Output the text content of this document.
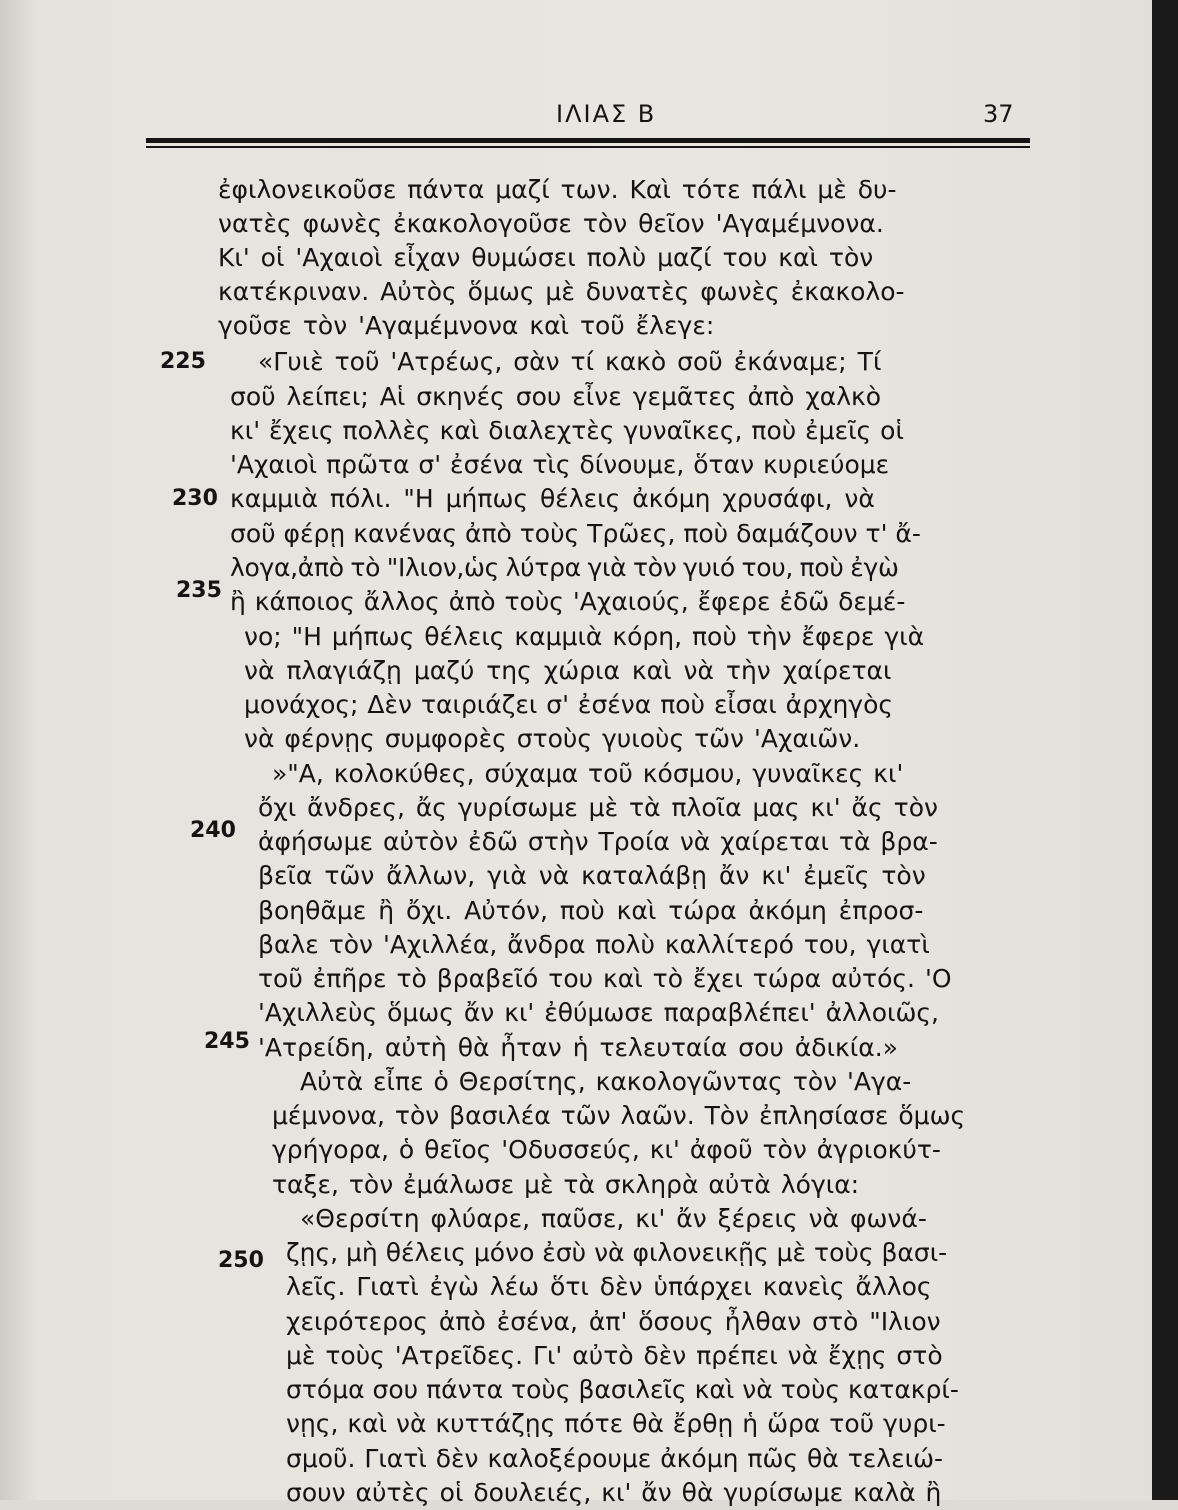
ΙΛΙΑΣ Β	37
ἐφιλονεικοῦσε πάντα μαζί των. Καὶ τότε πάλι μὲ δυ-
νατὲς φωνὲς ἐκακολογοῦσε τὸν θεῖον 'Αγαμέμνονα.
Κι' οἱ 'Αχαιοὶ εἶχαν θυμώσει πολὺ μαζί του καὶ τὸν
κατέκριναν. Αὐτὸς ὅμως μὲ δυνατὲς φωνὲς ἐκακολο-
γοῦσε τὸν 'Αγαμέμνονα καὶ τοῦ ἔλεγε:
«Γυιὲ τοῦ 'Ατρέως, σὰν τί κακὸ σοῦ ἐκάναμε; Τί
σοῦ λείπει; Αἱ σκηνές σου εἶνε γεμᾶτες ἀπὸ χαλκὸ
κι' ἔχεις πολλὲς καὶ διαλεχτὲς γυναῖκες, ποὺ ἐμεῖς οἱ
'Αχαιοὶ πρῶτα σ' ἐσένα τὶς δίνουμε, ὅταν κυριεύομε
καμμιὰ πόλι. "Η μήπως θέλεις ἀκόμη χρυσάφι, νὰ
σοῦ φέρῃ κανένας ἀπὸ τοὺς Τρῶες, ποὺ δαμάζουν τ' ἄ-
λογα,ἀπὸ τὸ "Ιλιον,ὡς λύτρα γιὰ τὸν γυιό του, ποὺ ἐγὼ
ἢ κάποιος ἄλλος ἀπὸ τοὺς 'Αχαιούς, ἔφερε ἐδῶ δεμέ-
νο; "Η μήπως θέλεις καμμιὰ κόρη, ποὺ τὴν ἔφερε γιὰ
νὰ πλαγιάζῃ μαζύ της χώρια καὶ νὰ τὴν χαίρεται
μονάχος; Δὲν ταιριάζει σ' ἐσένα ποὺ εἶσαι ἀρχηγὸς
νὰ φέρνῃς συμφορὲς στοὺς γυιοὺς τῶν 'Αχαιῶν.
»"Α, κολοκύθες, σύχαμα τοῦ κόσμου, γυναῖκες κι'
ὄχι ἄνδρες, ἄς γυρίσωμε μὲ τὰ πλοῖα μας κι' ἄς τὸν
ἀφήσωμε αὐτὸν ἐδῶ στὴν Τροία νὰ χαίρεται τὰ βρα-
βεῖα τῶν ἄλλων, γιὰ νὰ καταλάβῃ ἄν κι' ἐμεῖς τὸν
βοηθᾶμε ἢ ὄχι. Αὐτόν, ποὺ καὶ τώρα ἀκόμη ἐπροσ-
βαλε τὸν 'Αχιλλέα, ἄνδρα πολὺ καλλίτερό του, γιατὶ
τοῦ ἐπῆρε τὸ βραβεῖό του καὶ τὸ ἔχει τώρα αὐτός. 'Ο
'Αχιλλεὺς ὅμως ἄν κι' ἐθύμωσε παραβλέπει' ἀλλοιῶς,
'Ατρείδη, αὐτὴ θὰ ἦταν ἡ τελευταία σου ἀδικία.»
Αὐτὰ εἶπε ὁ Θερσίτης, κακολογῶντας τὸν 'Αγα-
μέμνονα, τὸν βασιλέα τῶν λαῶν. Τὸν ἐπλησίασε ὅμως
γρήγορα, ὁ θεῖος 'Οδυσσεύς, κι' ἀφοῦ τὸν ἀγριοκύτ-
ταξε, τὸν ἐμάλωσε μὲ τὰ σκληρὰ αὐτὰ λόγια:
«Θερσίτη φλύαρε, παῦσε, κι' ἄν ξέρεις νὰ φωνά-
ζῃς, μὴ θέλεις μόνο ἐσὺ νὰ φιλονεικῇς μὲ τοὺς βασι-
λεῖς. Γιατὶ ἐγὼ λέω ὅτι δὲν ὑπάρχει κανεὶς ἄλλος
χειρότερος ἀπὸ ἐσένα, ἀπ' ὅσους ἦλθαν στὸ "Ιλιον
μὲ τοὺς 'Ατρεῖδες. Γι' αὐτὸ δὲν πρέπει νὰ ἔχῃς στὸ
στόμα σου πάντα τοὺς βασιλεῖς καὶ νὰ τοὺς κατακρί-
νῃς, καὶ νὰ κυττάζῃς πότε θὰ ἔρθῃ ἡ ὥρα τοῦ γυρι-
σμοῦ. Γιατὶ δὲν καλοξέρουμε ἀκόμη πῶς θὰ τελειώ-
σουν αὐτὲς οἱ δουλειές, κι' ἄν θὰ γυρίσωμε καλὰ ἢ
225
230
235
240
245
250
